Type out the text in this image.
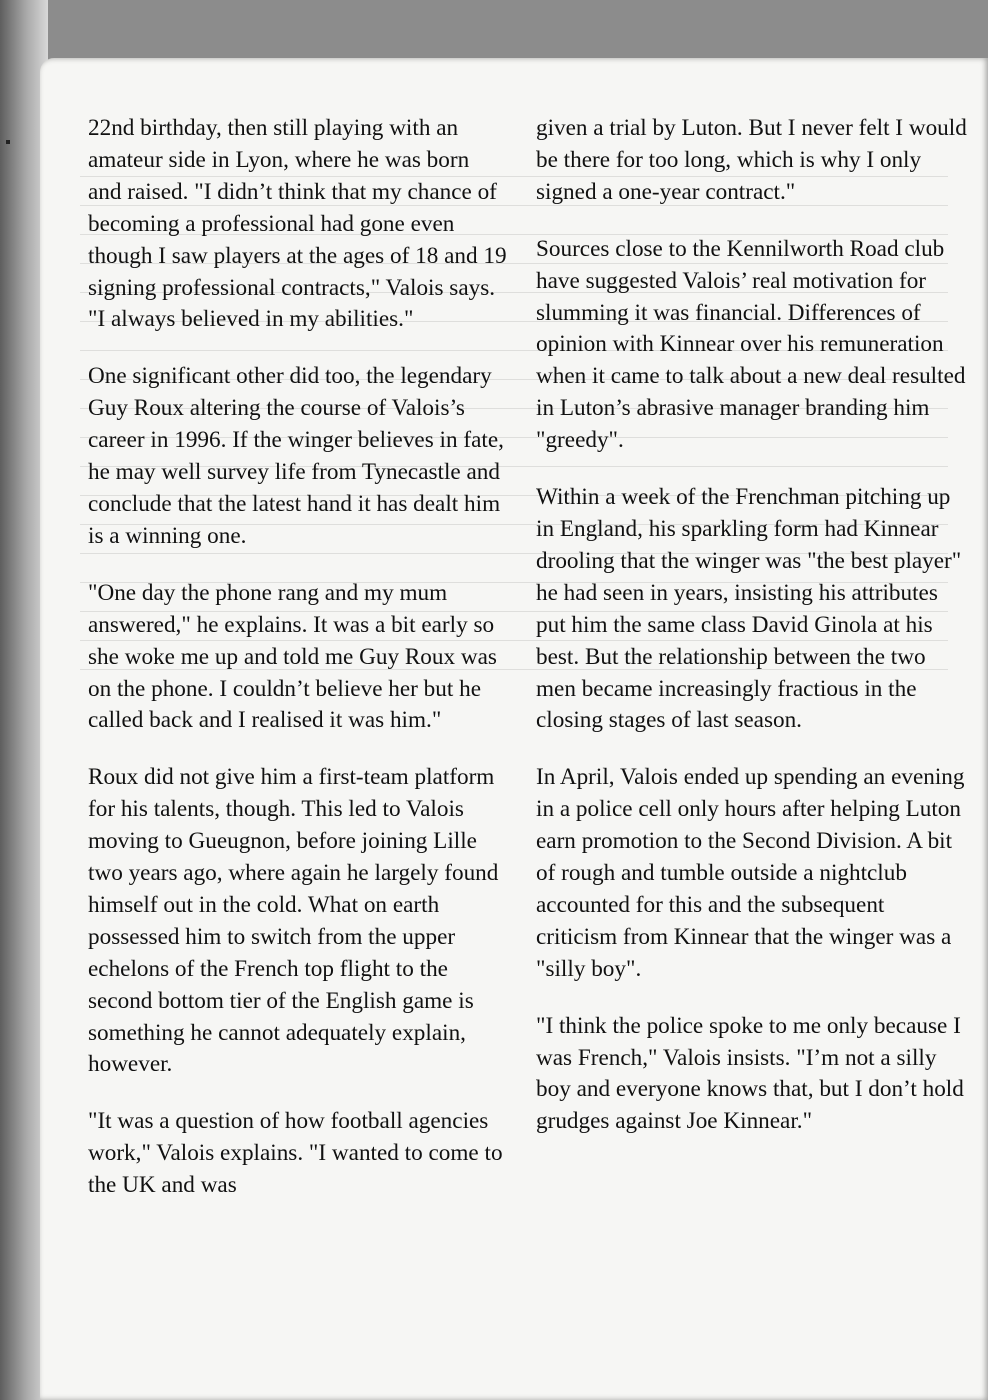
22nd birthday, then still playing with an amateur side in Lyon, where he was born and raised. "I didn’t think that my chance of becoming a professional had gone even though I saw players at the ages of 18 and 19 signing professional contracts," Valois says. "I always believed in my abilities."

One significant other did too, the legendary Guy Roux altering the course of Valois’s career in 1996. If the winger believes in fate, he may well survey life from Tynecastle and conclude that the latest hand it has dealt him is a winning one.

"One day the phone rang and my mum answered," he explains. It was a bit early so she woke me up and told me Guy Roux was on the phone. I couldn’t believe her but he called back and I realised it was him."

Roux did not give him a first-team platform for his talents, though. This led to Valois moving to Gueugnon, before joining Lille two years ago, where again he largely found himself out in the cold. What on earth possessed him to switch from the upper echelons of the French top flight to the second bottom tier of the English game is something he cannot adequately explain, however.

"It was a question of how football agencies work," Valois explains. "I wanted to come to the UK and was

given a trial by Luton. But I never felt I would be there for too long, which is why I only signed a one-year contract."

Sources close to the Kennilworth Road club have suggested Valois’ real motivation for slumming it was financial. Differences of opinion with Kinnear over his remuneration when it came to talk about a new deal resulted in Luton’s abrasive manager branding him "greedy".

Within a week of the Frenchman pitching up in England, his sparkling form had Kinnear drooling that the winger was "the best player" he had seen in years, insisting his attributes put him the same class David Ginola at his best. But the relationship between the two men became increasingly fractious in the closing stages of last season.

In April, Valois ended up spending an evening in a police cell only hours after helping Luton earn promotion to the Second Division. A bit of rough and tumble outside a nightclub accounted for this and the subsequent criticism from Kinnear that the winger was a "silly boy".

"I think the police spoke to me only because I was French," Valois insists. "I’m not a silly boy and everyone knows that, but I don’t hold grudges against Joe Kinnear."
